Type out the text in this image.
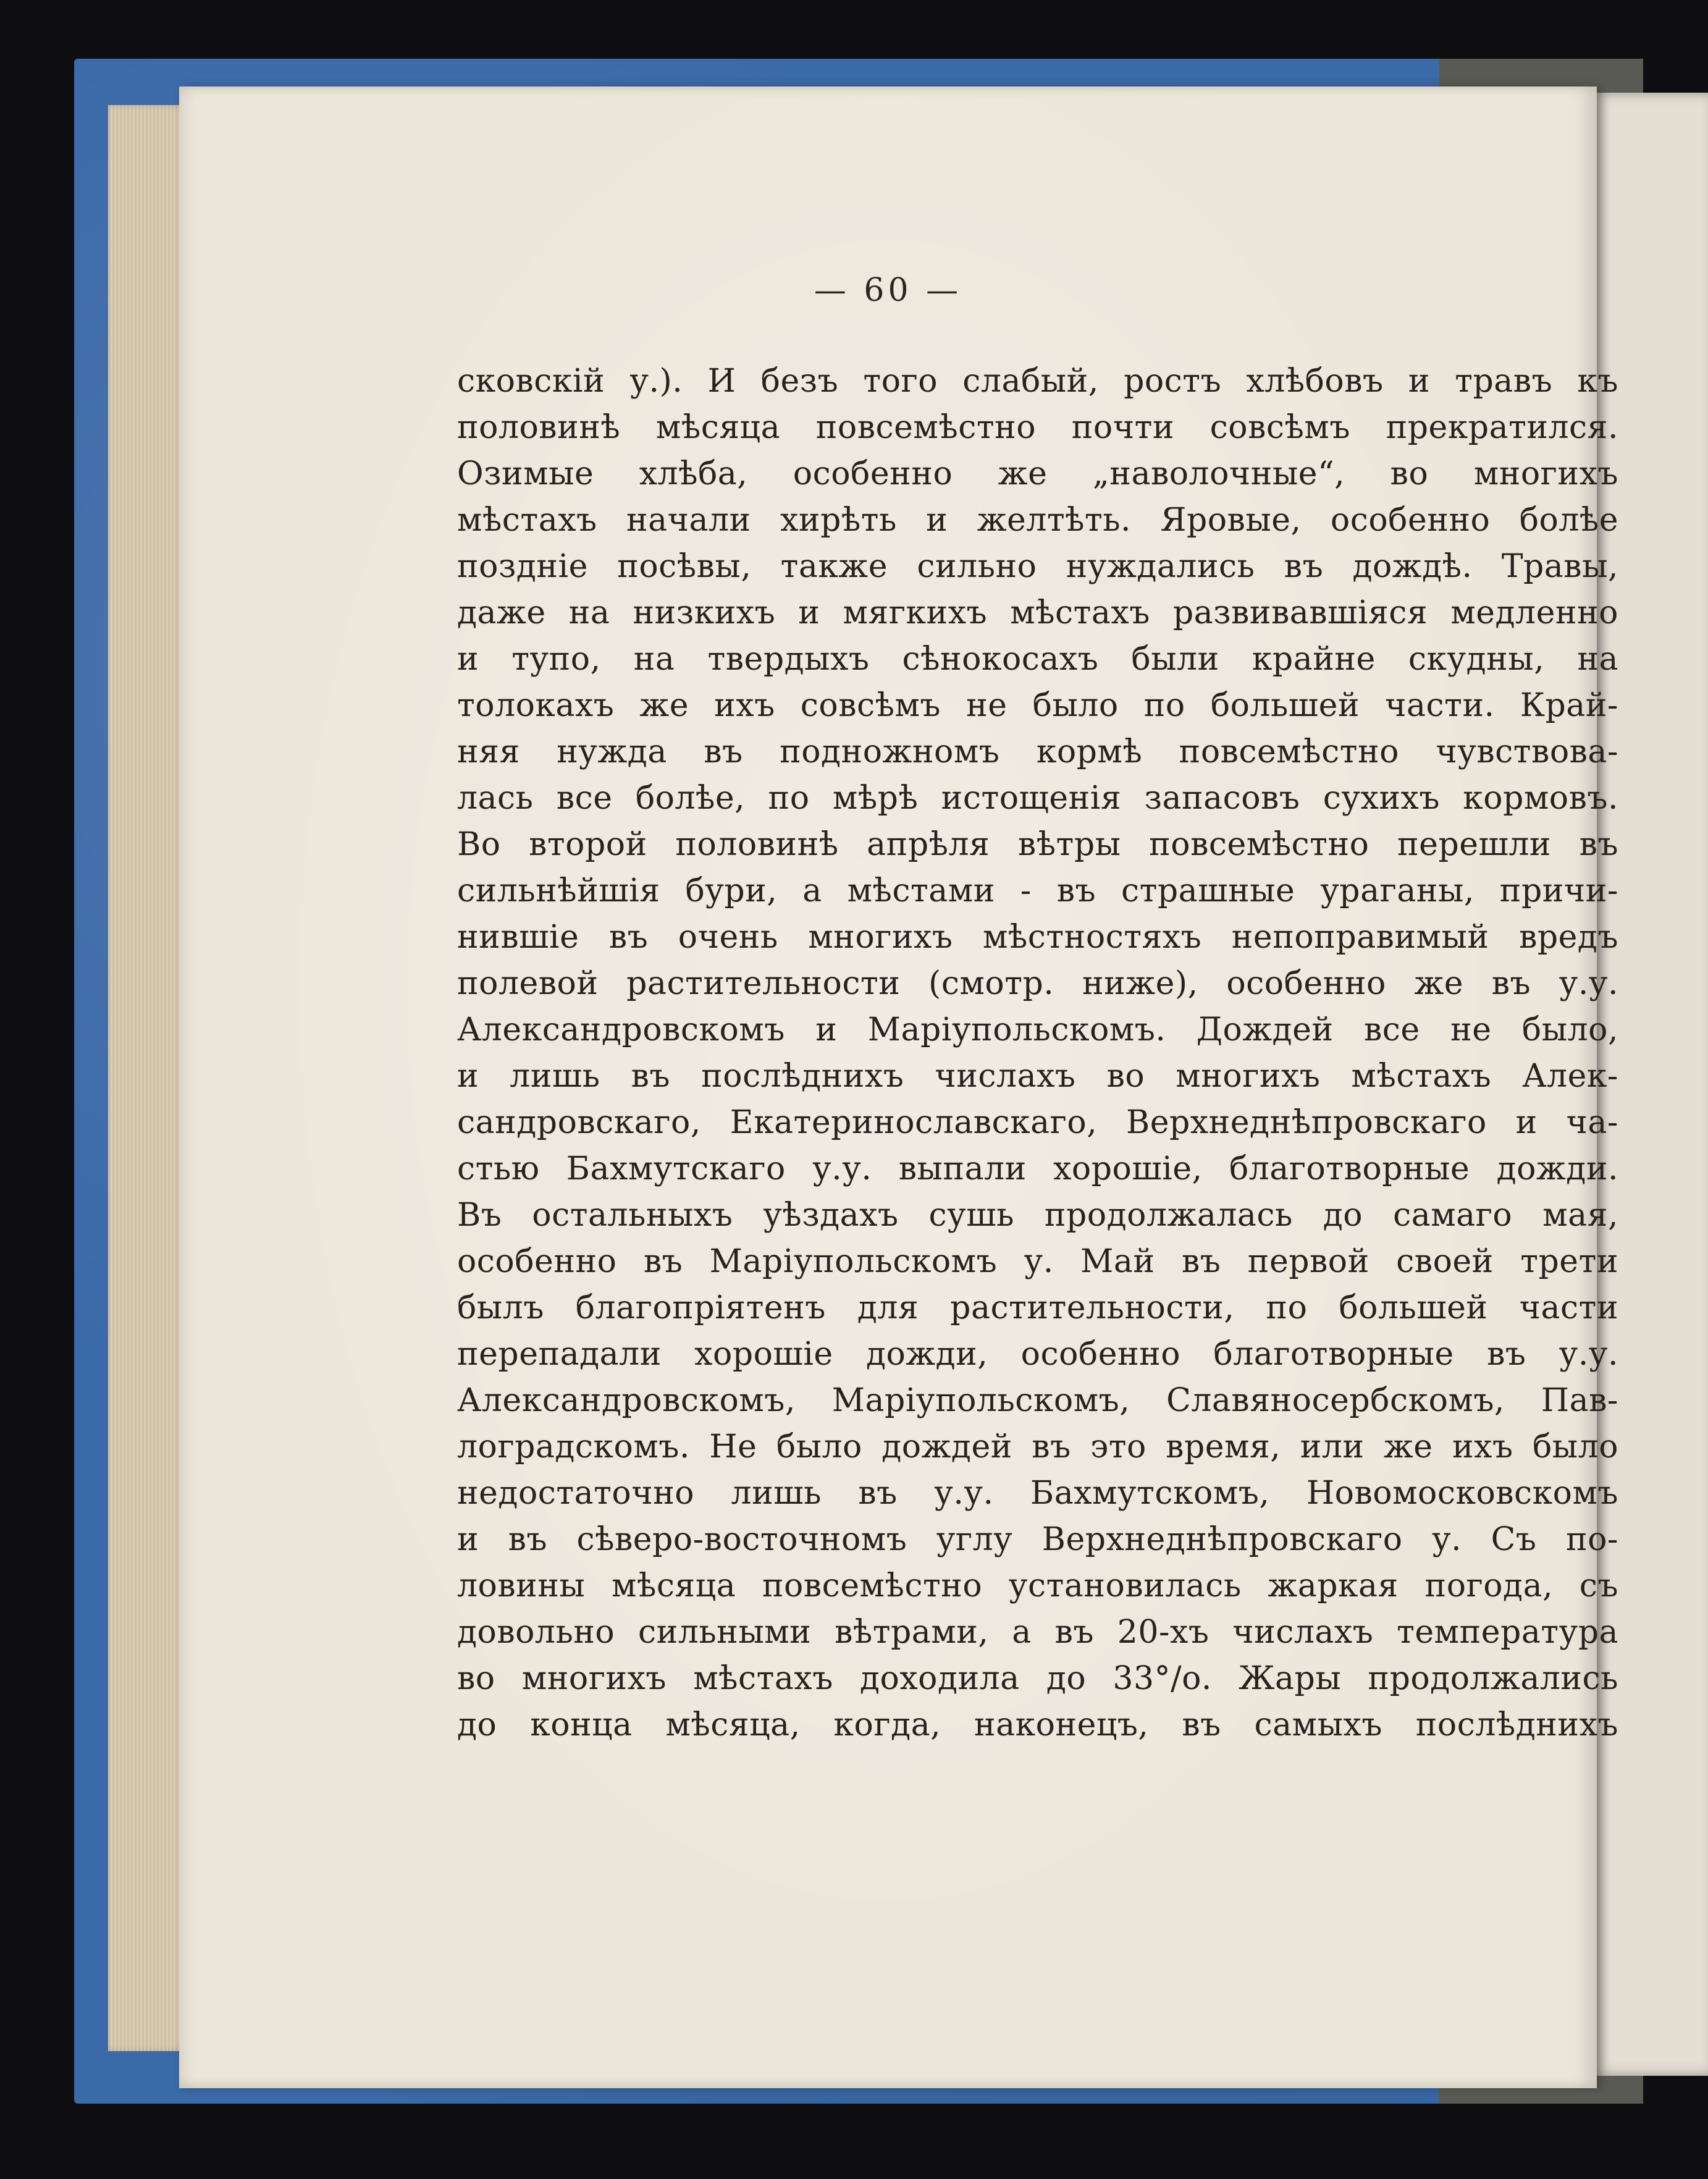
— 60 —
сковскій у.). И безъ того слабый, ростъ хлѣбовъ и травъ къ
половинѣ мѣсяца повсемѣстно почти совсѣмъ прекратился.
Озимые хлѣба, особенно же „наволочные“, во многихъ
мѣстахъ начали хирѣть и желтѣть. Яровые, особенно болѣе
поздніе посѣвы, также сильно нуждались въ дождѣ. Травы,
даже на низкихъ и мягкихъ мѣстахъ развивавшіяся медленно
и тупо, на твердыхъ сѣнокосахъ были крайне скудны, на
толокахъ же ихъ совсѣмъ не было по большей части. Край-
няя нужда въ подножномъ кормѣ повсемѣстно чувствова-
лась все болѣе, по мѣрѣ истощенія запасовъ сухихъ кормовъ.
Во второй половинѣ апрѣля вѣтры повсемѣстно перешли въ
сильнѣйшія бури, а мѣстами - въ страшные ураганы, причи-
нившіе въ очень многихъ мѣстностяхъ непоправимый вредъ
полевой растительности (смотр. ниже), особенно же въ у.у.
Александровскомъ и Маріупольскомъ. Дождей все не было,
и лишь въ послѣднихъ числахъ во многихъ мѣстахъ Алек-
сандровскаго, Екатеринославскаго, Верхнеднѣпровскаго и ча-
стью Бахмутскаго у.у. выпали хорошіе, благотворные дожди.
Въ остальныхъ уѣздахъ сушь продолжалась до самаго мая,
особенно въ Маріупольскомъ у. Май въ первой своей трети
былъ благопріятенъ для растительности, по большей части
перепадали хорошіе дожди, особенно благотворные въ у.у.
Александровскомъ, Маріупольскомъ, Славяносербскомъ, Пав-
лоградскомъ. Не было дождей въ это время, или же ихъ было
недостаточно лишь въ у.у. Бахмутскомъ, Новомосковскомъ
и въ сѣверо-восточномъ углу Верхнеднѣпровскаго у. Съ по-
ловины мѣсяца повсемѣстно установилась жаркая погода, съ
довольно сильными вѣтрами, а въ 20-хъ числахъ температура
во многихъ мѣстахъ доходила до 33°/о. Жары продолжались
до конца мѣсяца, когда, наконецъ, въ самыхъ послѣднихъ
